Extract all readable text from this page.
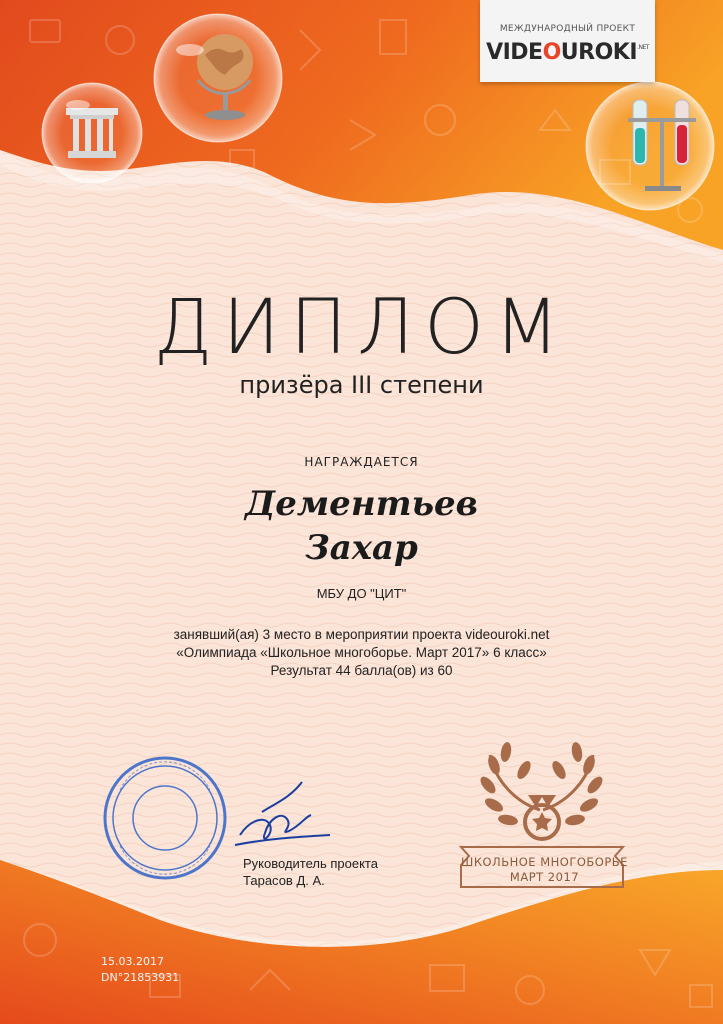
МЕЖДУНАРОДНЫЙ ПРОЕКТ
$VIDEOUROKI^{.NET}$
ДИПЛОМ
призёра III степени
НАГРАЖДАЕТСЯ
Дементьев
Захар
МБУ ДО "ЦИТ"
занявший(ая) 3 место в мероприятии проекта videouroki.net
«Олимпиада «Школьное многоборье. Март 2017» 6 класс»
Результат 44 балла(ов) из 60
Руководитель проекта
Тарасов Д. А.
ШКОЛЬНОЕ МНОГОБОРЬЕ
МАРТ 2017
15.03.2017
DN°21853931
